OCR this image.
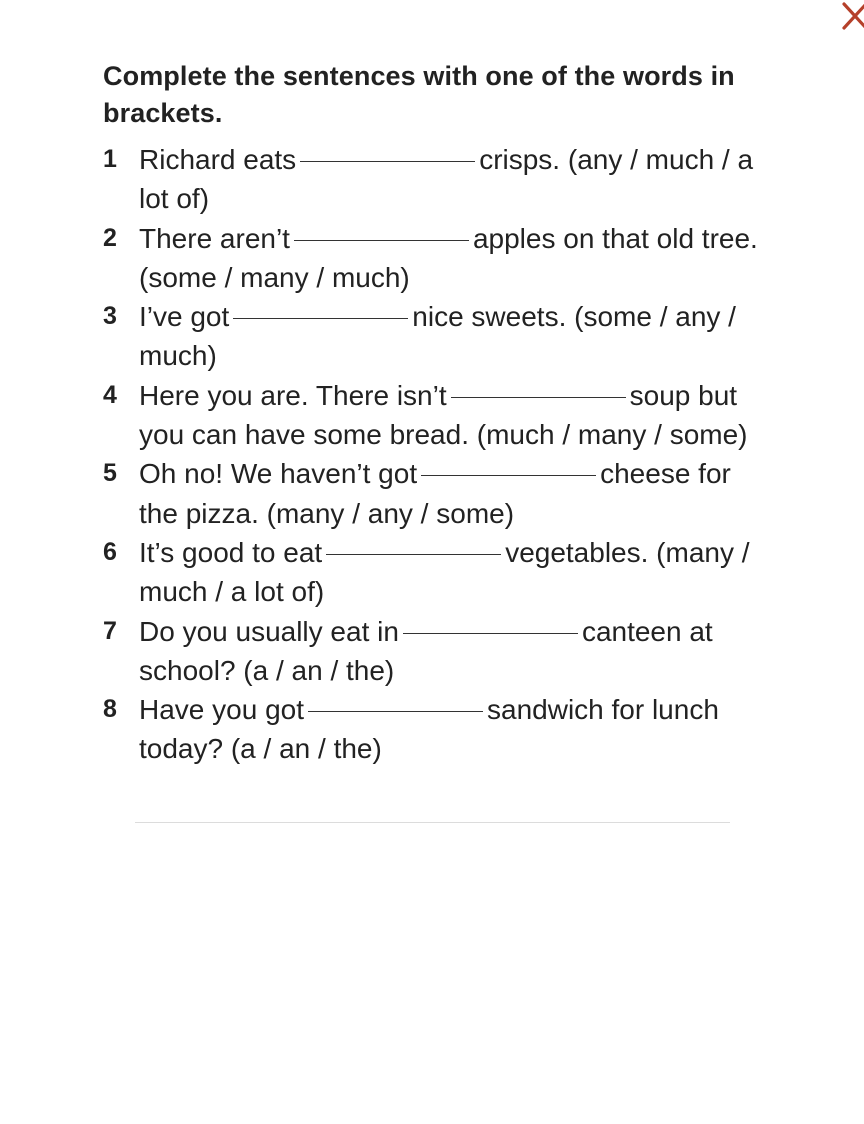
Complete the sentences with one of the words in brackets.

1 Richard eats	crisps. (any / much / a lot of)
2 There aren’t	apples on that old tree. (some / many / much)
3 I’ve got	nice sweets. (some / any / much)
4 Here you are. There isn’t	soup but you can have some bread. (much / many / some)
5 Oh no! We haven’t got	cheese for the pizza. (many / any / some)
6 It’s good to eat	vegetables. (many / much / a lot of)
7 Do you usually eat in	canteen at school? (a / an / the)
8 Have you got	sandwich for lunch today? (a / an / the)
